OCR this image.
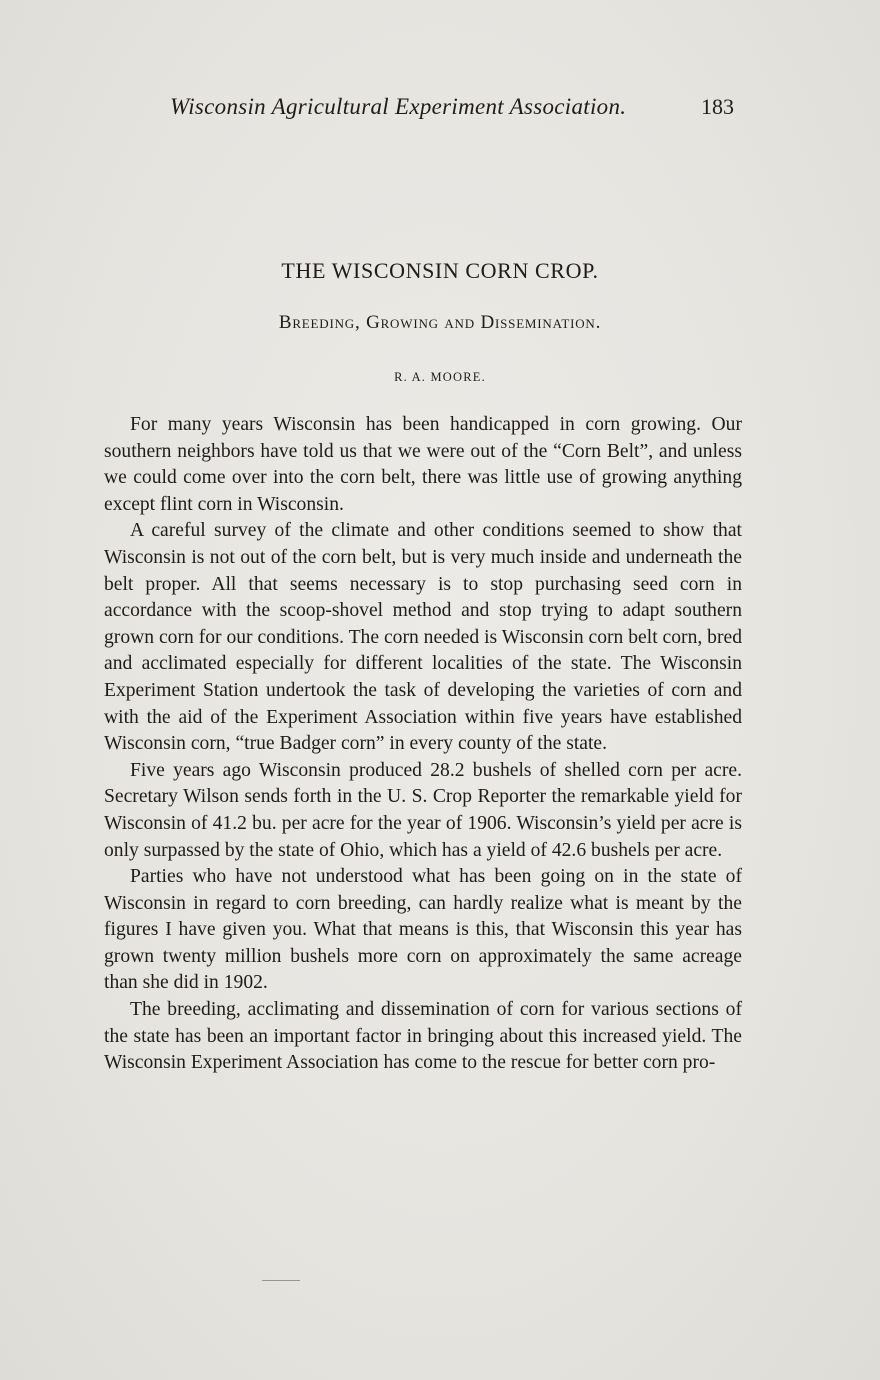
Wisconsin Agricultural Experiment Association.	183
THE WISCONSIN CORN CROP.
Breeding, Growing and Dissemination.
R. A. MOORE.

For many years Wisconsin has been handicapped in corn growing. Our southern neighbors have told us that we were out of the “Corn Belt”, and unless we could come over into the corn belt, there was little use of growing anything except flint corn in Wisconsin.

A careful survey of the climate and other conditions seemed to show that Wisconsin is not out of the corn belt, but is very much inside and underneath the belt proper. All that seems necessary is to stop purchasing seed corn in accordance with the scoop-shovel method and stop trying to adapt southern grown corn for our conditions. The corn needed is Wisconsin corn belt corn, bred and acclimated especially for different localities of the state. The Wisconsin Experiment Station undertook the task of developing the varieties of corn and with the aid of the Experiment Association within five years have established Wisconsin corn, “true Badger corn” in every county of the state.

Five years ago Wisconsin produced 28.2 bushels of shelled corn per acre. Secretary Wilson sends forth in the U. S. Crop Reporter the remarkable yield for Wisconsin of 41.2 bu. per acre for the year of 1906. Wisconsin’s yield per acre is only surpassed by the state of Ohio, which has a yield of 42.6 bushels per acre.

Parties who have not understood what has been going on in the state of Wisconsin in regard to corn breeding, can hardly realize what is meant by the figures I have given you. What that means is this, that Wisconsin this year has grown twenty million bushels more corn on approximately the same acreage than she did in 1902.

The breeding, acclimating and dissemination of corn for various sections of the state has been an important factor in bringing about this increased yield. The Wisconsin Experiment Association has come to the rescue for better corn pro-
